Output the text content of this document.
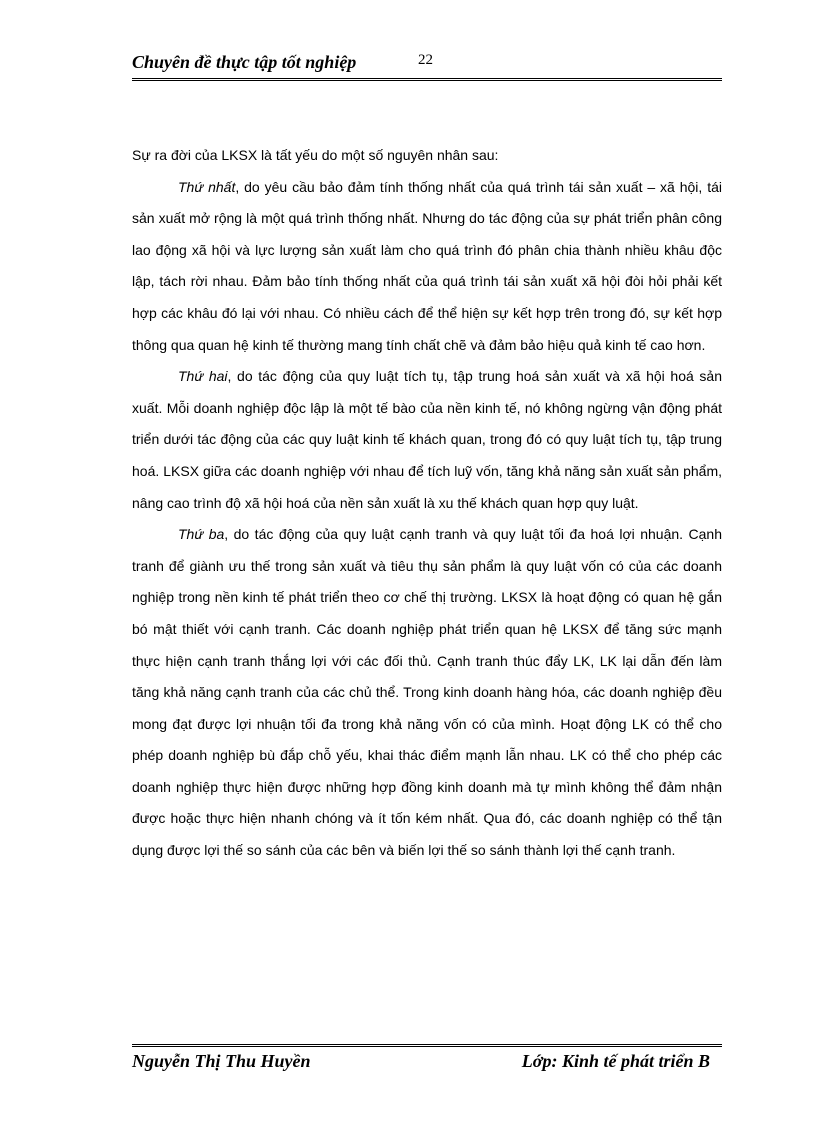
Chuyên đề thực tập tốt nghiệp	22

Sự ra đời của LKSX là tất yếu do một số nguyên nhân sau:

Thứ nhất, do yêu cầu bảo đảm tính thống nhất của quá trình tái sản xuất – xã hội, tái sản xuất mở rộng là một quá trình thống nhất. Nhưng do tác động của sự phát triển phân công lao động xã hội và lực lượng sản xuất làm cho quá trình đó phân chia thành nhiều khâu độc lập, tách rời nhau. Đảm bảo tính thống nhất của quá trình tái sản xuất xã hội đòi hỏi phải kết hợp các khâu đó lại với nhau. Có nhiều cách để thể hiện sự kết hợp trên trong đó, sự kết hợp thông qua quan hệ kinh tế thường mang tính chất chẽ và đảm bảo hiệu quả kinh tế cao hơn.

Thứ hai, do tác động của quy luật tích tụ, tập trung hoá sản xuất và xã hội hoá sản xuất. Mỗi doanh nghiệp độc lập là một tế bào của nền kinh tế, nó không ngừng vận động phát triển dưới tác động của các quy luật kinh tế khách quan, trong đó có quy luật tích tụ, tập trung hoá. LKSX giữa các doanh nghiệp với nhau để tích luỹ vốn, tăng khả năng sản xuất sản phẩm, nâng cao trình độ xã hội hoá của nền sản xuất là xu thế khách quan hợp quy luật.

Thứ ba, do tác động của quy luật cạnh tranh và quy luật tối đa hoá lợi nhuận. Cạnh tranh để giành ưu thế trong sản xuất và tiêu thụ sản phẩm là quy luật vốn có của các doanh nghiệp trong nền kinh tế phát triển theo cơ chế thị trường. LKSX là hoạt động có quan hệ gắn bó mật thiết với cạnh tranh. Các doanh nghiệp phát triển quan hệ LKSX để tăng sức mạnh thực hiện cạnh tranh thắng lợi với các đối thủ. Cạnh tranh thúc đẩy LK, LK lại dẫn đến làm tăng khả năng cạnh tranh của các chủ thể. Trong kinh doanh hàng hóa, các doanh nghiệp đều mong đạt được lợi nhuận tối đa trong khả năng vốn có của mình. Hoạt động LK có thể cho phép doanh nghiệp bù đắp chỗ yếu, khai thác điểm mạnh lẫn nhau. LK có thể cho phép các doanh nghiệp thực hiện được những hợp đồng kinh doanh mà tự mình không thể đảm nhận được hoặc thực hiện nhanh chóng và ít tốn kém nhất. Qua đó, các doanh nghiệp có thể tận dụng được lợi thế so sánh của các bên và biến lợi thế so sánh thành lợi thế cạnh tranh.

Nguyễn Thị Thu Huyền	Lớp: Kinh tế phát triển B
